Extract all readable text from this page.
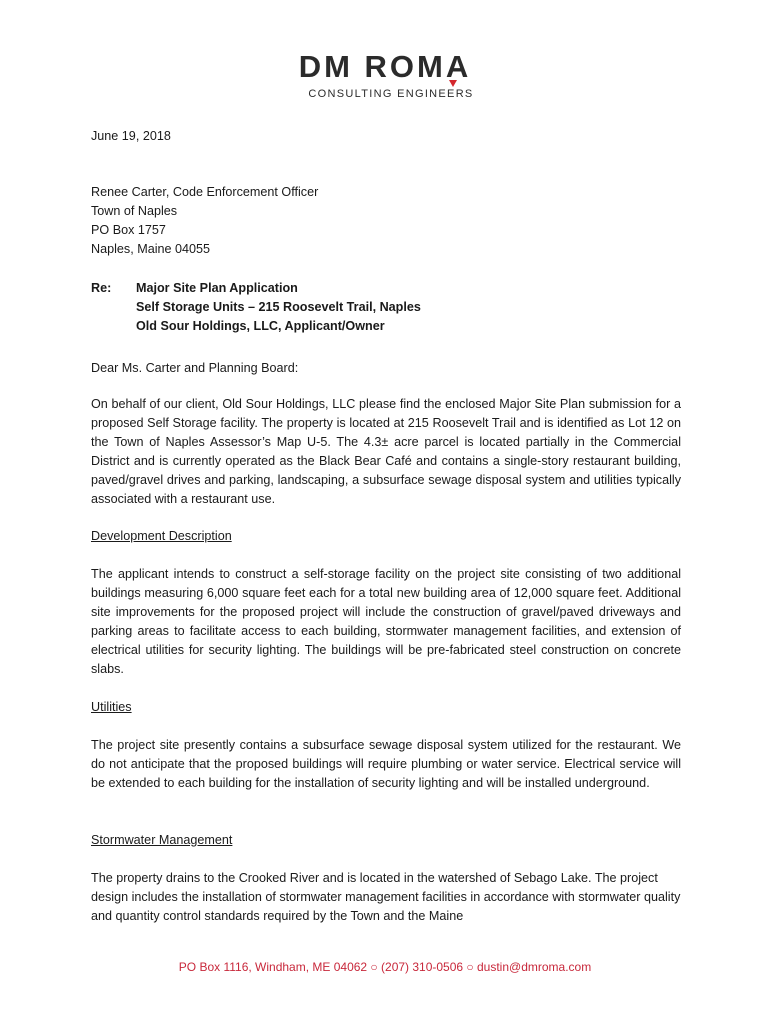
DM ROMA
CONSULTING ENGINEERS
June 19, 2018
Renee Carter, Code Enforcement Officer
Town of Naples
PO Box 1757
Naples, Maine 04055
Re: Major Site Plan Application
Self Storage Units – 215 Roosevelt Trail, Naples
Old Sour Holdings, LLC, Applicant/Owner
Dear Ms. Carter and Planning Board:
On behalf of our client, Old Sour Holdings, LLC please find the enclosed Major Site Plan submission for a proposed Self Storage facility. The property is located at 215 Roosevelt Trail and is identified as Lot 12 on the Town of Naples Assessor’s Map U-5. The 4.3± acre parcel is located partially in the Commercial District and is currently operated as the Black Bear Café and contains a single-story restaurant building, paved/gravel drives and parking, landscaping, a subsurface sewage disposal system and utilities typically associated with a restaurant use.
Development Description
The applicant intends to construct a self-storage facility on the project site consisting of two additional buildings measuring 6,000 square feet each for a total new building area of 12,000 square feet. Additional site improvements for the proposed project will include the construction of gravel/paved driveways and parking areas to facilitate access to each building, stormwater management facilities, and extension of electrical utilities for security lighting. The buildings will be pre-fabricated steel construction on concrete slabs.
Utilities
The project site presently contains a subsurface sewage disposal system utilized for the restaurant. We do not anticipate that the proposed buildings will require plumbing or water service. Electrical service will be extended to each building for the installation of security lighting and will be installed underground.
Stormwater Management
The property drains to the Crooked River and is located in the watershed of Sebago Lake. The project design includes the installation of stormwater management facilities in accordance with stormwater quality and quantity control standards required by the Town and the Maine
PO Box 1116, Windham, ME 04062 ○ (207) 310-0506 ○ dustin@dmroma.com
